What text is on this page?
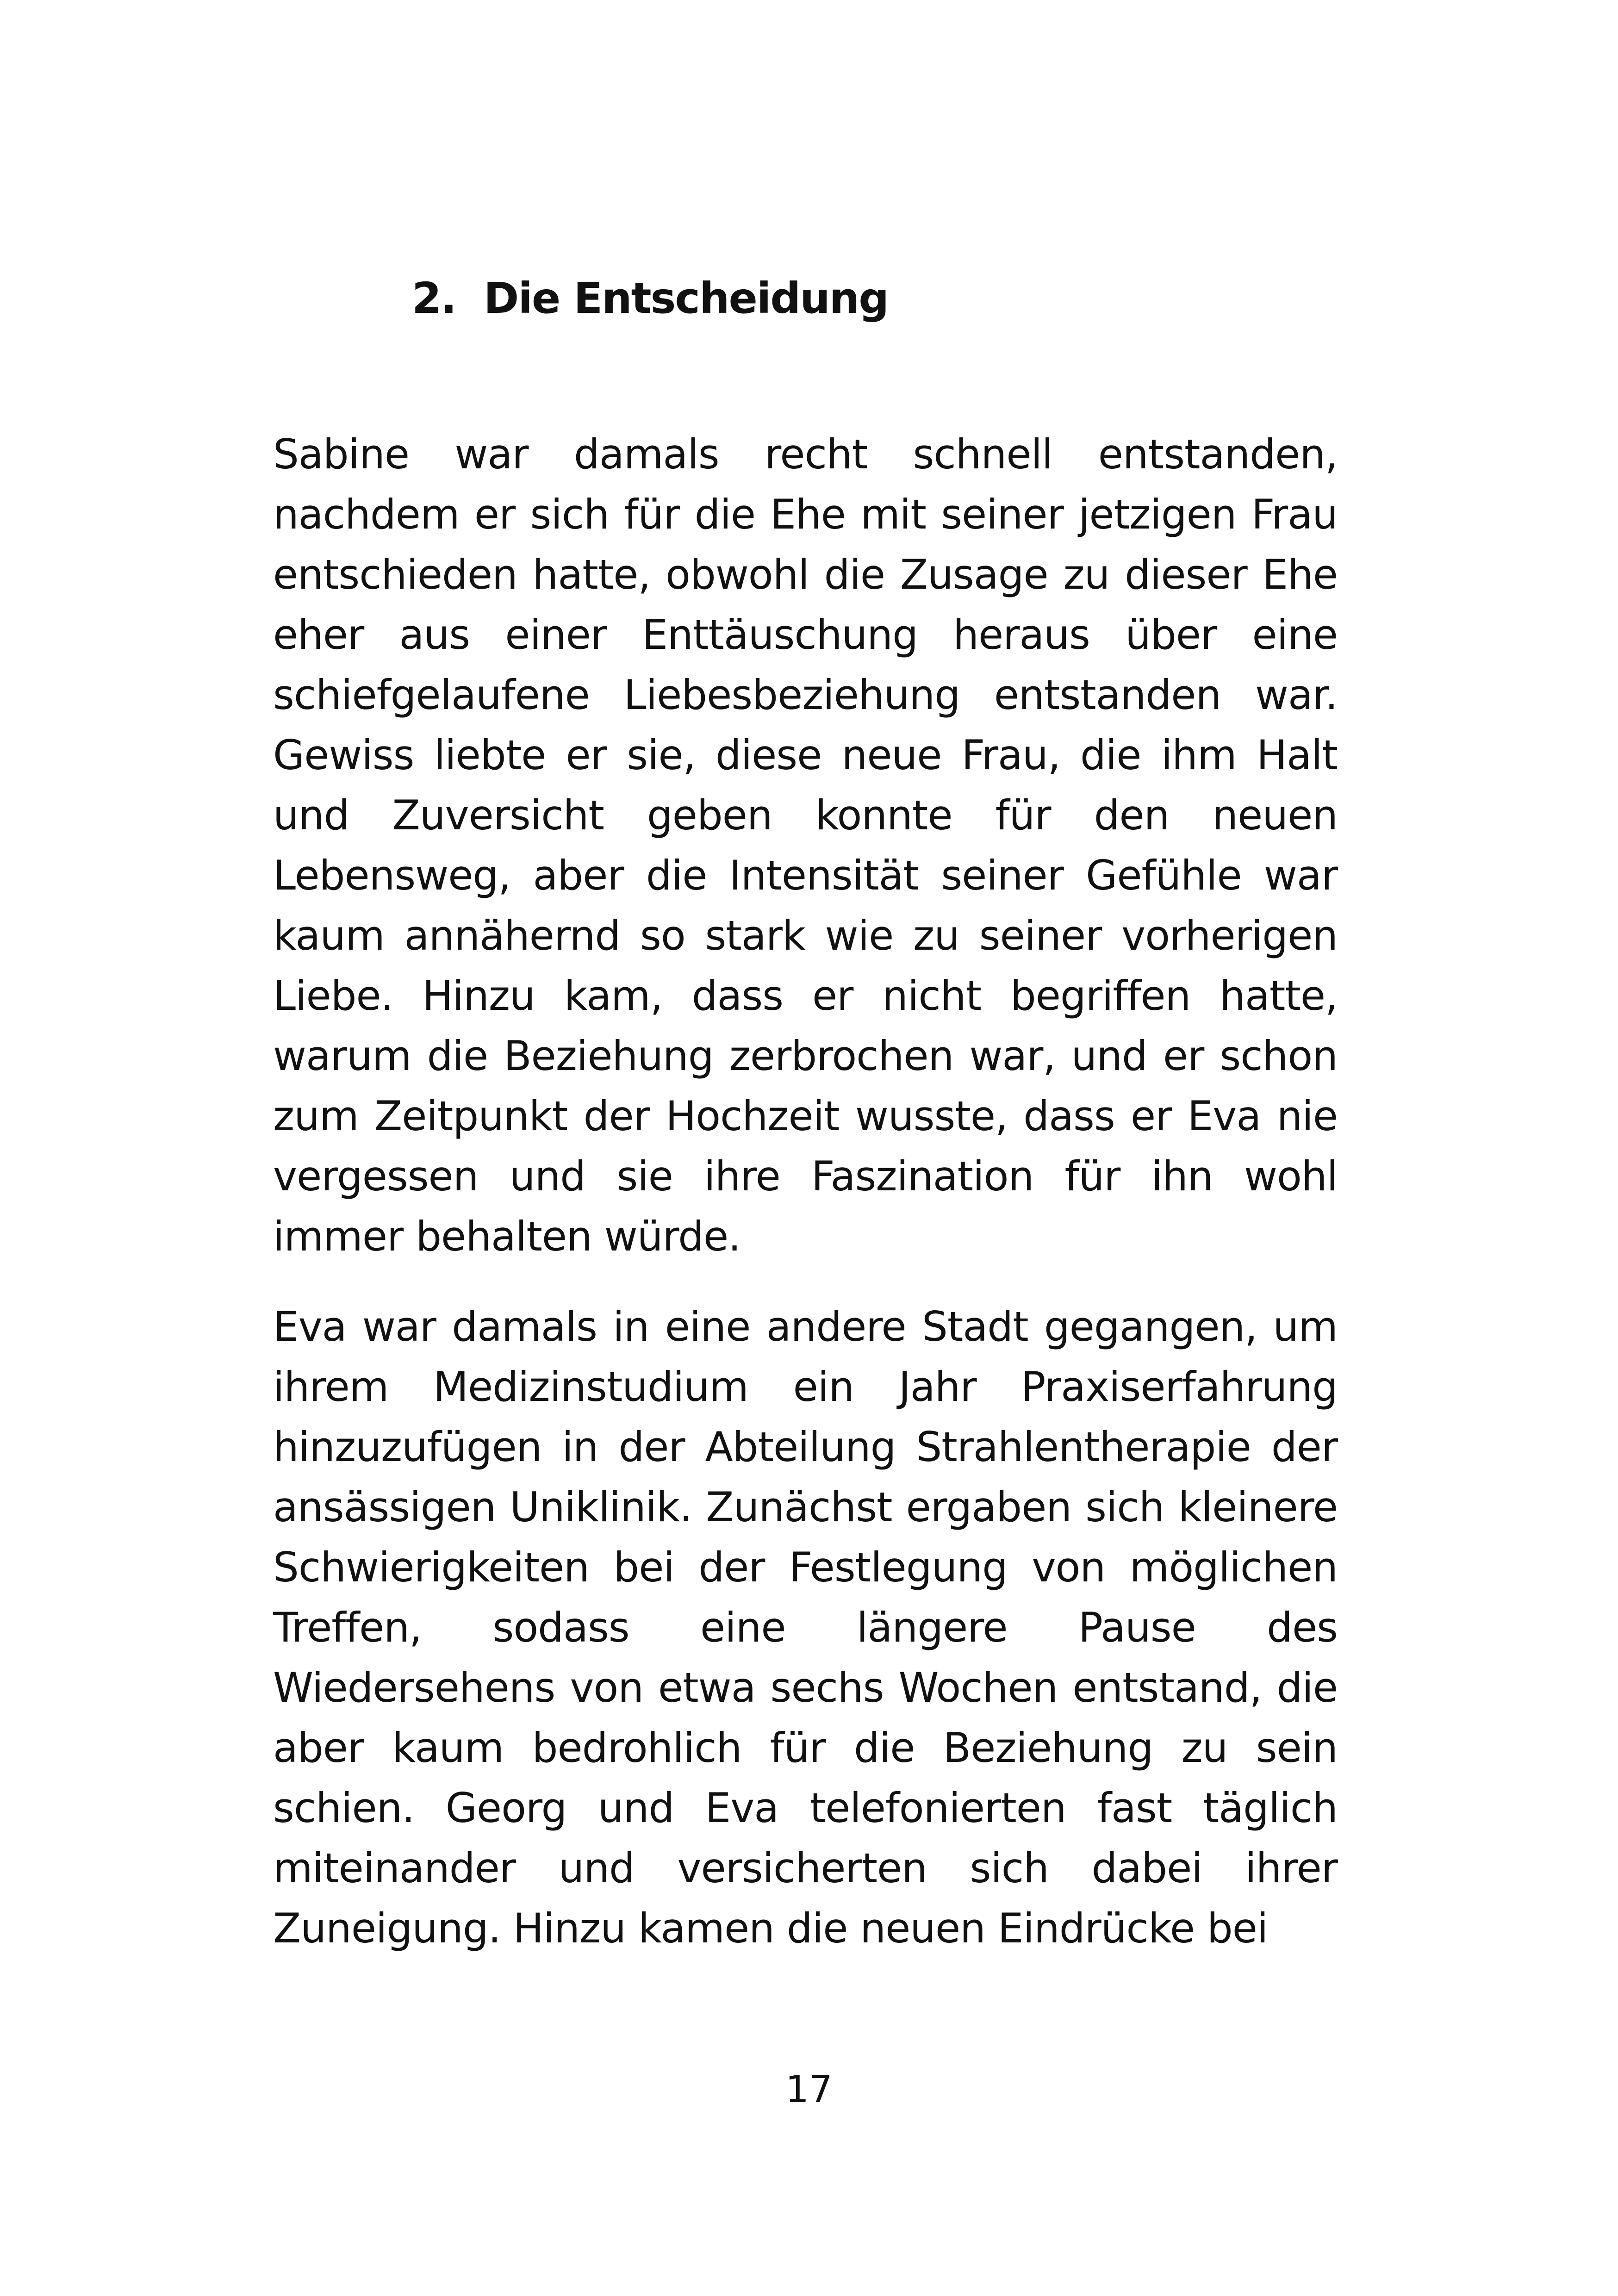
2. Die Entscheidung

Sabine war damals recht schnell entstanden, nachdem er sich für die Ehe mit seiner jetzigen Frau entschieden hatte, obwohl die Zusage zu dieser Ehe eher aus einer Enttäuschung heraus über eine schiefgelaufene Liebesbeziehung entstanden war. Gewiss liebte er sie, diese neue Frau, die ihm Halt und Zuversicht geben konnte für den neuen Lebensweg, aber die Intensität seiner Gefühle war kaum annähernd so stark wie zu seiner vorherigen Liebe. Hinzu kam, dass er nicht begriffen hatte, warum die Beziehung zerbrochen war, und er schon zum Zeitpunkt der Hochzeit wusste, dass er Eva nie vergessen und sie ihre Faszination für ihn wohl immer behalten würde.

Eva war damals in eine andere Stadt gegangen, um ihrem Medizinstudium ein Jahr Praxiserfahrung hinzuzufügen in der Abteilung Strahlentherapie der ansässigen Uniklinik. Zunächst ergaben sich kleinere Schwierigkeiten bei der Festlegung von möglichen Treffen, sodass eine längere Pause des Wiedersehens von etwa sechs Wochen entstand, die aber kaum bedrohlich für die Beziehung zu sein schien. Georg und Eva telefonierten fast täglich miteinander und versicherten sich dabei ihrer Zuneigung. Hinzu kamen die neuen Eindrücke bei

17
